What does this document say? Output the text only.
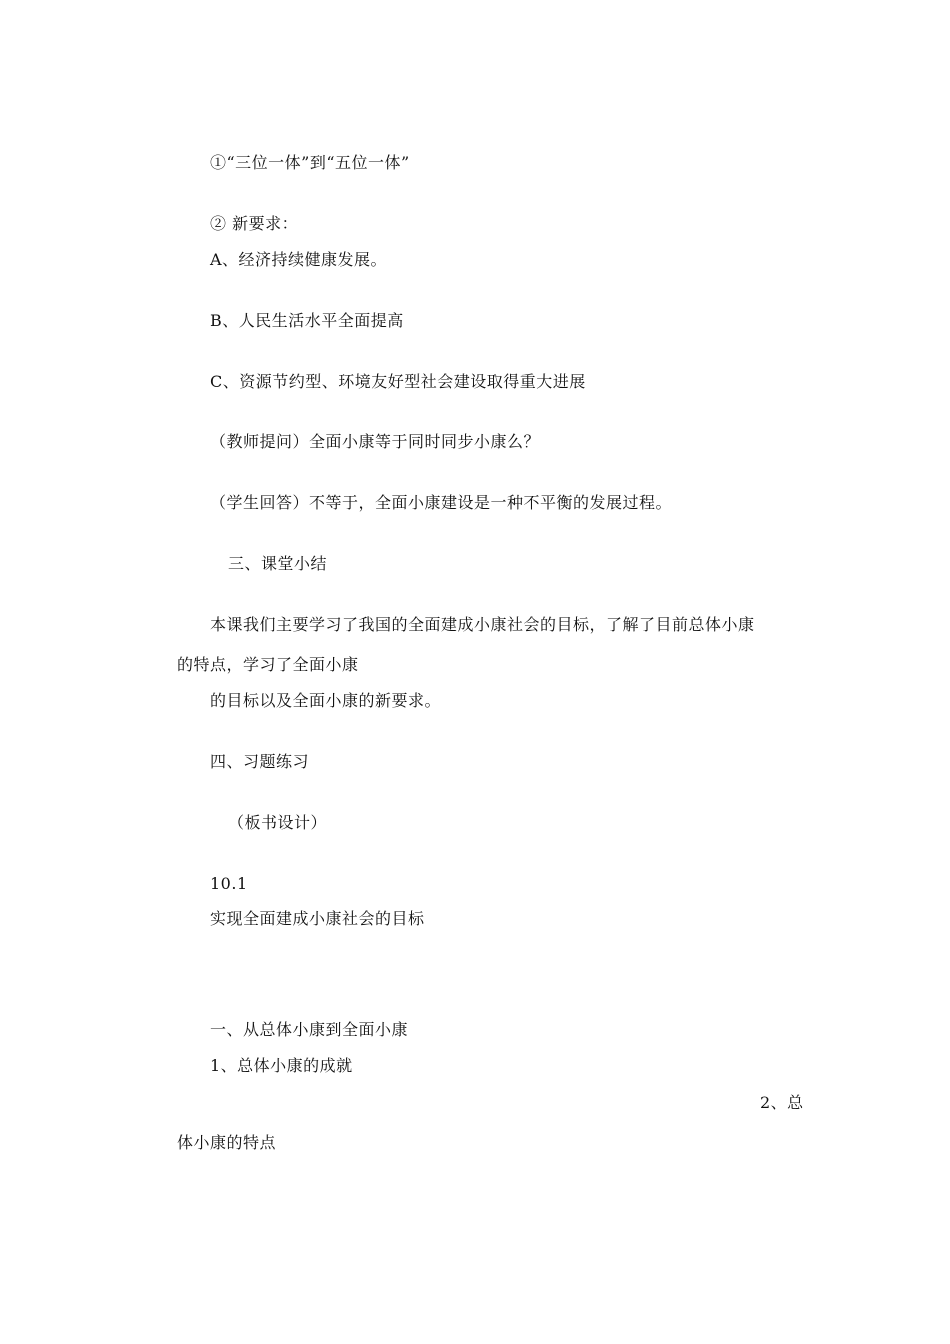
①“三位一体”到“五位一体”
② 新要求：
A、经济持续健康发展。
B、人民生活水平全面提高
C、资源节约型、环境友好型社会建设取得重大进展
（教师提问）全面小康等于同时同步小康么？
（学生回答）不等于，全面小康建设是一种不平衡的发展过程。
三、课堂小结
本课我们主要学习了我国的全面建成小康社会的目标，了解了目前总体小康
的特点，学习了全面小康
的目标以及全面小康的新要求。
四、习题练习
（板书设计）
10.1
实现全面建成小康社会的目标
一、从总体小康到全面小康
1、总体小康的成就
2、总
体小康的特点
